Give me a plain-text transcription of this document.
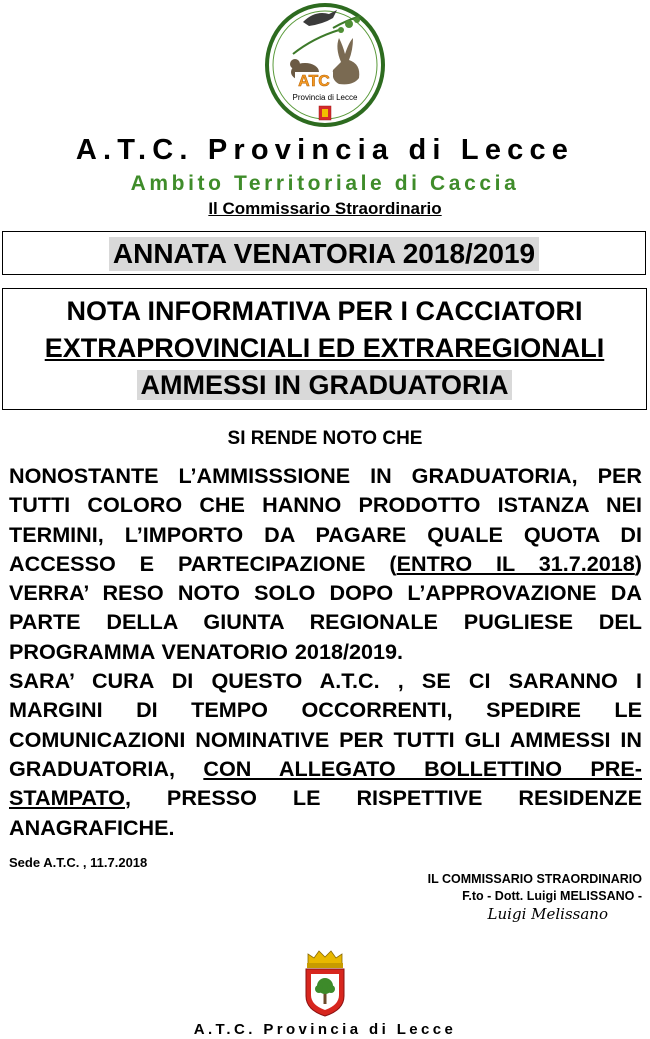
ATC
Provincia di Lecce
A.T.C. Provincia di Lecce
Ambito Territoriale di Caccia
Il Commissario Straordinario
ANNATA VENATORIA 2018/2019
NOTA INFORMATIVA PER I CACCIATORI
EXTRAPROVINCIALI ED EXTRAREGIONALI
AMMESSI IN GRADUATORIA
SI RENDE NOTO CHE

NONOSTANTE L’AMMISSSIONE IN GRADUATORIA, PER TUTTI COLORO CHE HANNO PRODOTTO ISTANZA NEI TERMINI, L’IMPORTO DA PAGARE QUALE QUOTA DI ACCESSO E PARTECIPAZIONE (ENTRO IL 31.7.2018) VERRA’ RESO NOTO SOLO DOPO L’APPROVAZIONE DA PARTE DELLA GIUNTA REGIONALE PUGLIESE DEL PROGRAMMA VENATORIO 2018/2019.

SARA’ CURA DI QUESTO A.T.C. , SE CI SARANNO I MARGINI DI TEMPO OCCORRENTI, SPEDIRE LE COMUNICAZIONI NOMINATIVE PER TUTTI GLI AMMESSI IN GRADUATORIA, CON ALLEGATO BOLLETTINO PRE-STAMPATO, PRESSO LE RISPETTIVE RESIDENZE ANAGRAFICHE.

Sede A.T.C. , 11.7.2018
IL COMMISSARIO STRAORDINARIO
F.to - Dott. Luigi MELISSANO -
Luigi Melissano
A.T.C. Provincia di Lecce
